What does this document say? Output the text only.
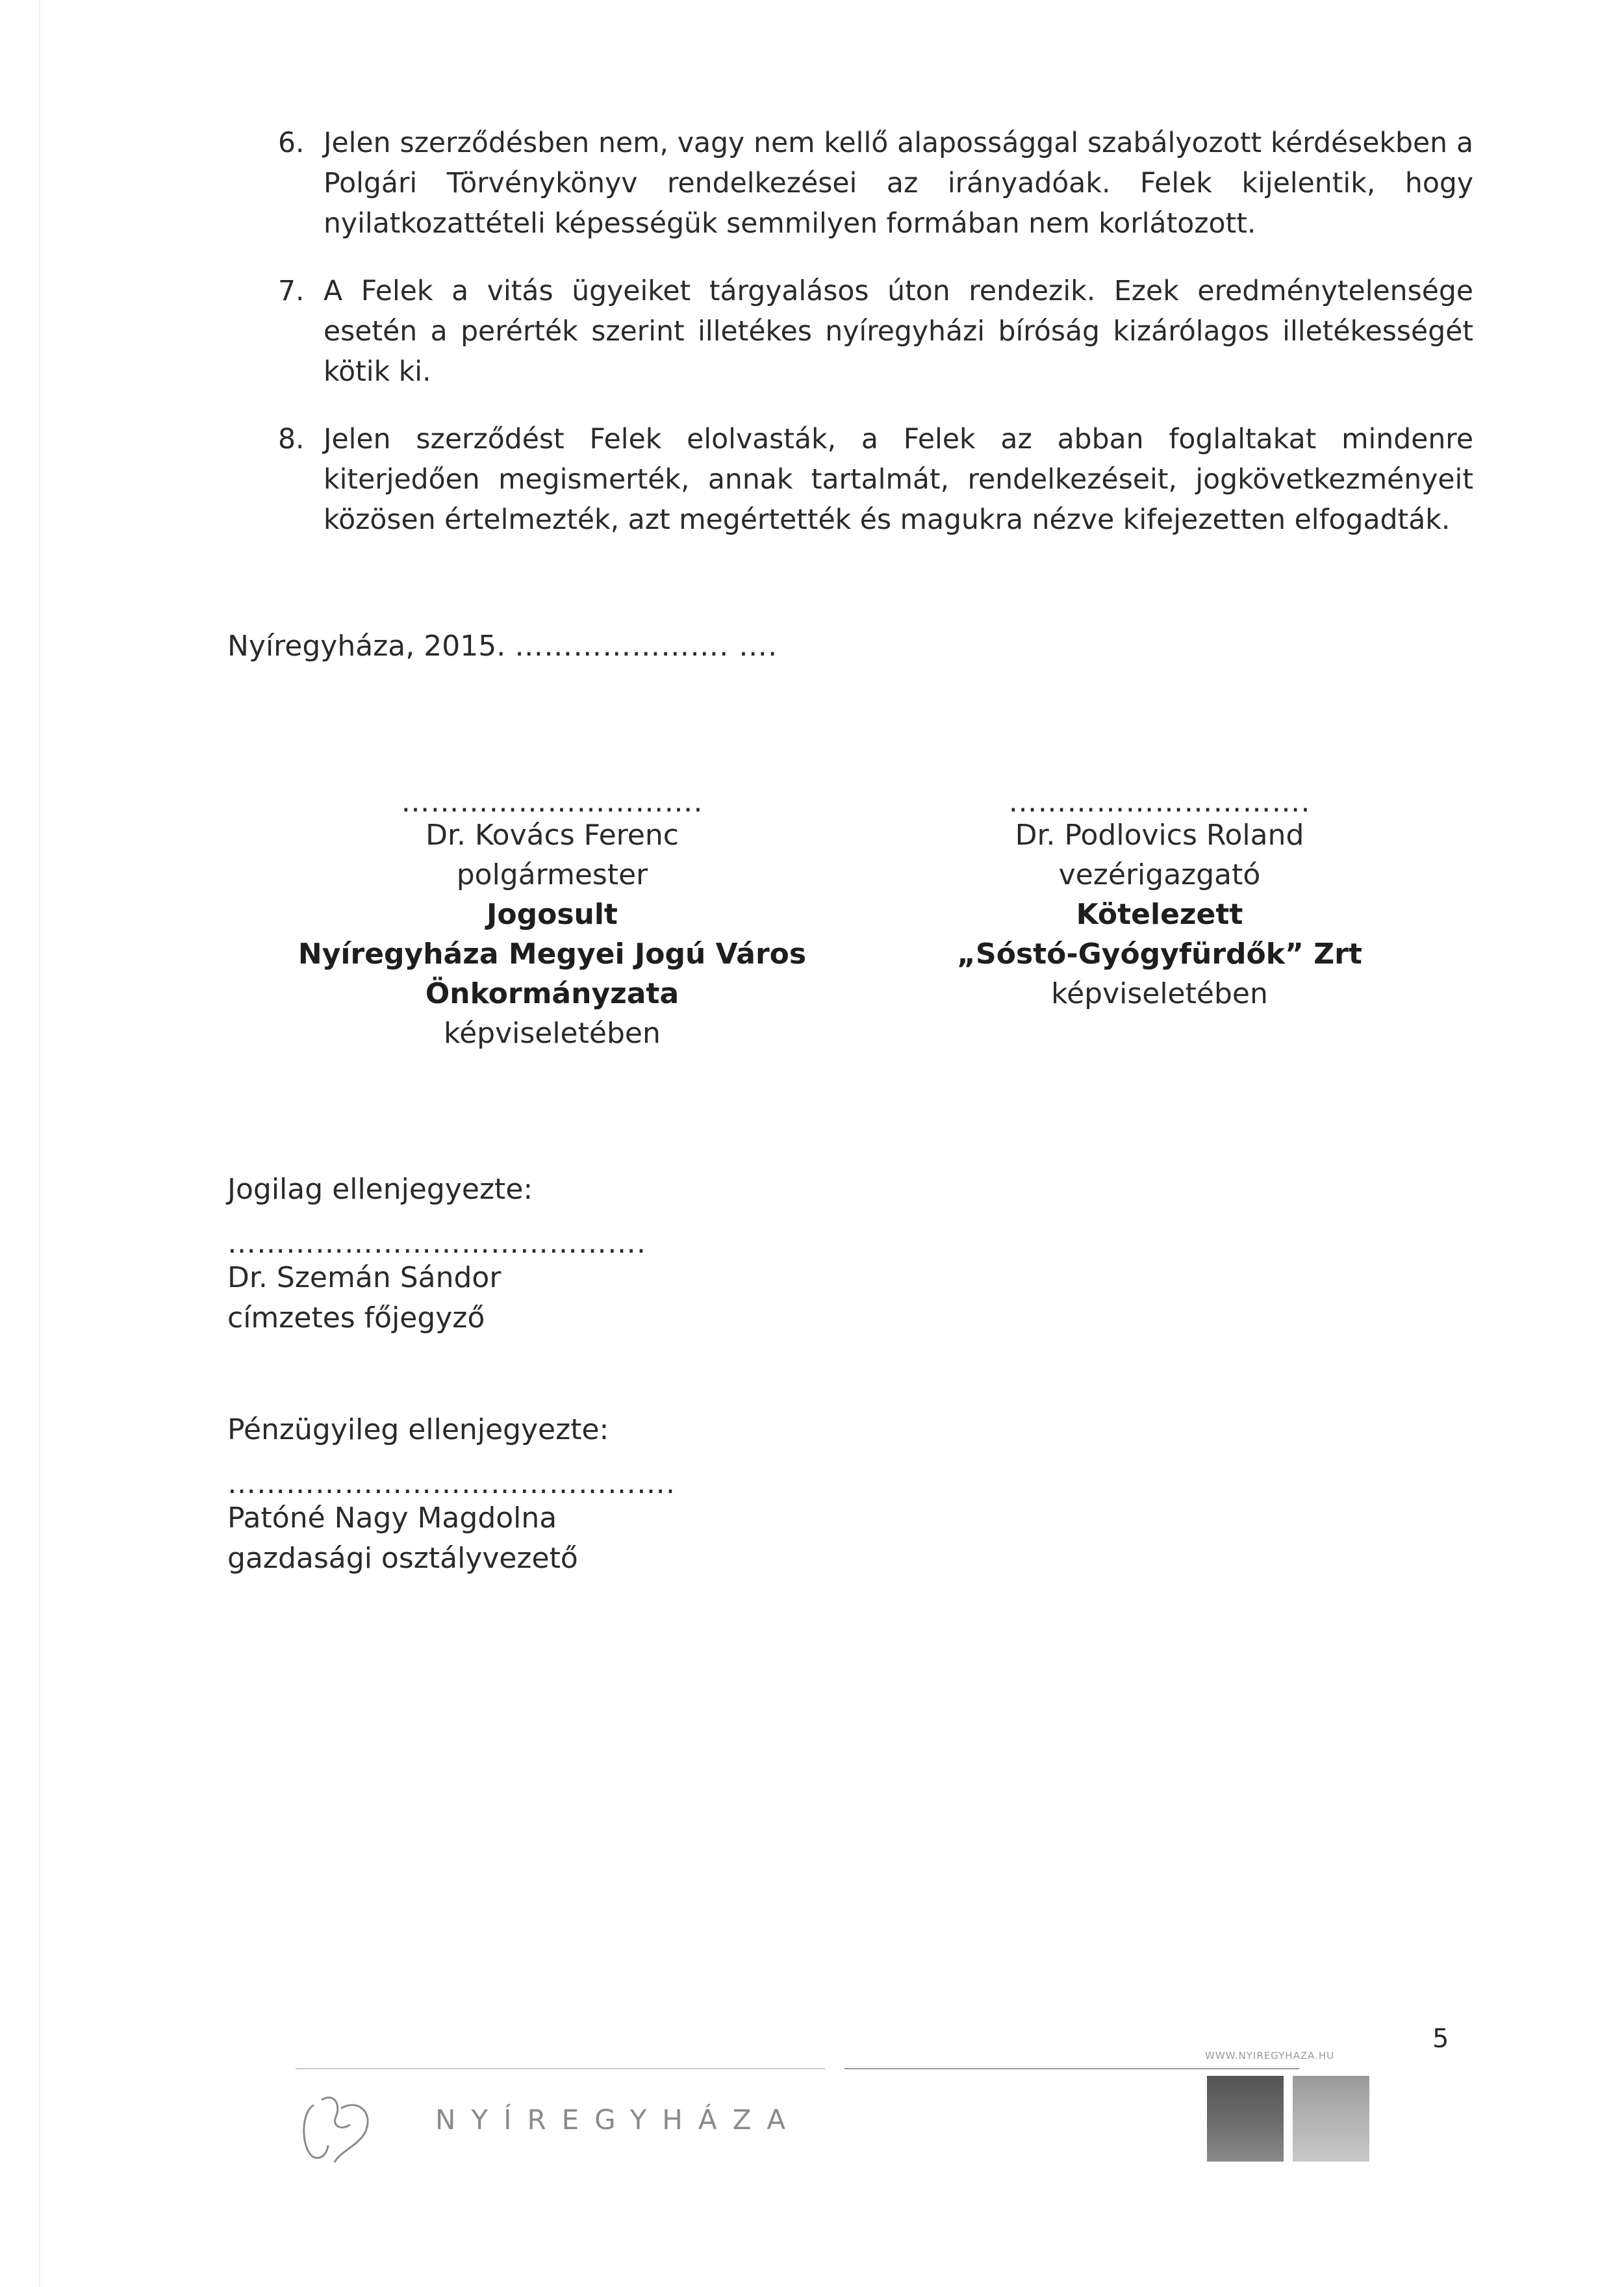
6. Jelen szerződésben nem, vagy nem kellő alapossággal szabályozott kérdésekben a Polgári Törvénykönyv rendelkezései az irányadóak. Felek kijelentik, hogy nyilatkozattételi képességük semmilyen formában nem korlátozott.
7. A Felek a vitás ügyeiket tárgyalásos úton rendezik. Ezek eredménytelensége esetén a perérték szerint illetékes nyíregyházi bíróság kizárólagos illetékességét kötik ki.
8. Jelen szerződést Felek elolvasták, a Felek az abban foglaltakat mindenre kiterjedően megismerték, annak tartalmát, rendelkezéseit, jogkövetkezményeit közösen értelmezték, azt megértették és magukra nézve kifejezetten elfogadták.
Nyíregyháza, 2015. …………………. ….
………………………….
Dr. Kovács Ferenc
polgármester
Jogosult
Nyíregyháza Megyei Jogú Város
Önkormányzata
képviseletében
………………………….
Dr. Podlovics Roland
vezérigazgató
Kötelezett
„Sóstó-Gyógyfürdők” Zrt
képviseletében
Jogilag ellenjegyezte:
…………………………………….
Dr. Szemán Sándor
címzetes főjegyző
Pénzügyileg ellenjegyezte:
……………………………………….
Patóné Nagy Magdolna
gazdasági osztályvezető
5
WWW.NYIREGYHAZA.HU
NYÍREGYHÁZA
